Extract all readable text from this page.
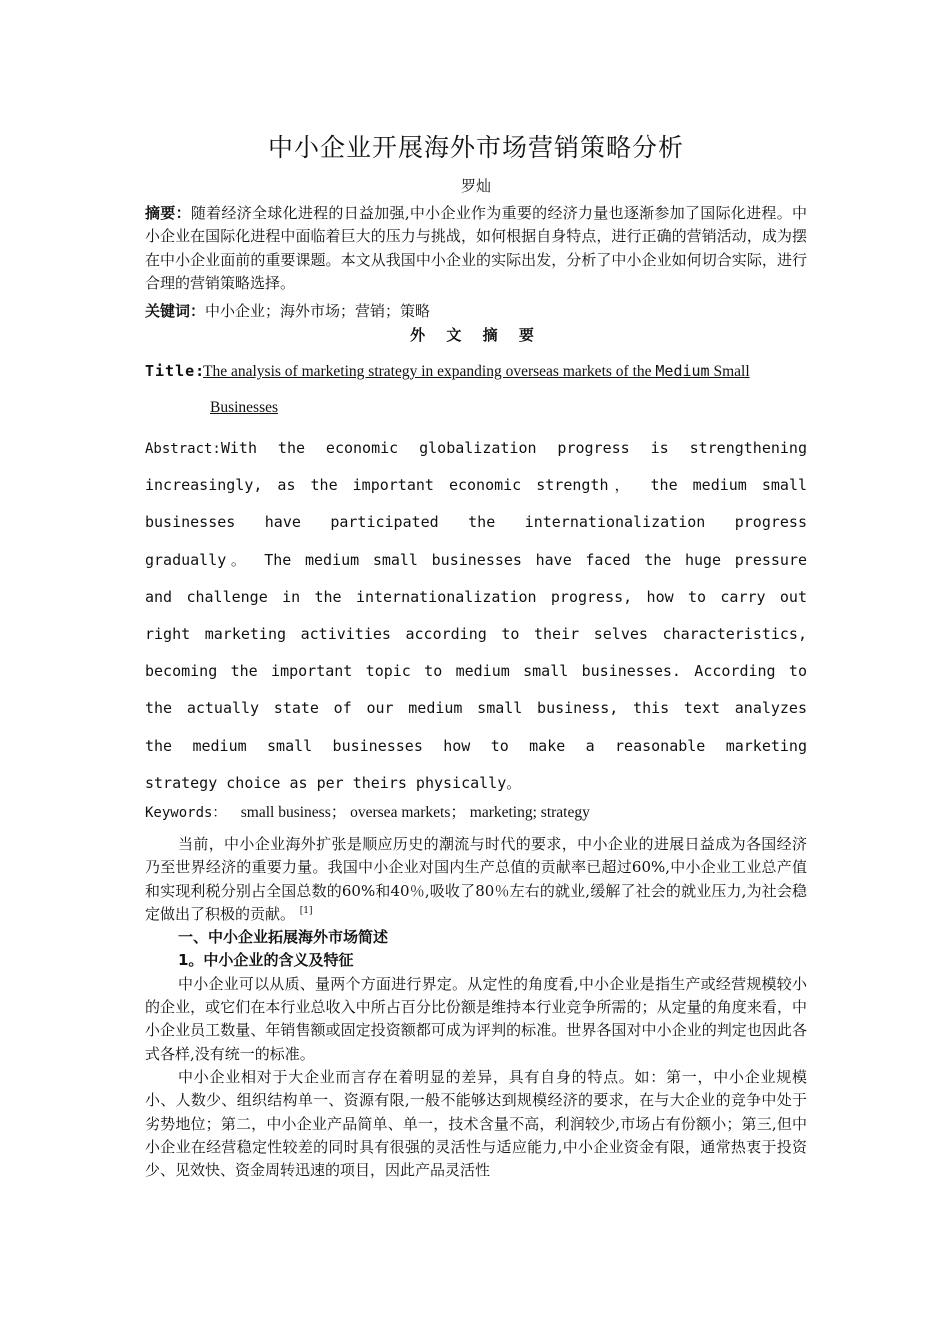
中小企业开展海外市场营销策略分析
罗灿
摘要：随着经济全球化进程的日益加强,中小企业作为重要的经济力量也逐渐参加了国际化进程。中小企业在国际化进程中面临着巨大的压力与挑战，如何根据自身特点，进行正确的营销活动，成为摆在中小企业面前的重要课题。本文从我国中小企业的实际出发，分析了中小企业如何切合实际，进行合理的营销策略选择。
关键词：中小企业；海外市场；营销；策略
外 文 摘 要
Title:
The analysis of marketing strategy in expanding overseas markets of the Medium Small
Businesses
Abstract:With the economic globalization progress is strengthening
increasingly, as the important economic strength， the medium small
businesses have participated the internationalization progress
gradually。 The medium small businesses have faced the huge pressure
and challenge in the internationalization progress, how to carry out
right marketing activities according to their selves characteristics,
becoming the important topic to medium small businesses. According to
the actually state of our medium small business, this text analyzes
the medium small businesses how to make a reasonable marketing
strategy choice as per theirs physically。
Keywords： small business； oversea markets； marketing; strategy

当前，中小企业海外扩张是顺应历史的潮流与时代的要求，中小企业的进展日益成为各国经济乃至世界经济的重要力量。我国中小企业对国内生产总值的贡献率已超过60%,中小企业工业总产值和实现利税分别占全国总数的60%和40％,吸收了80％左右的就业,缓解了社会的就业压力,为社会稳定做出了积极的贡献。 [1]

一、中小企业拓展海外市场简述
1。中小企业的含义及特征

中小企业可以从质、量两个方面进行界定。从定性的角度看,中小企业是指生产或经营规模较小的企业，或它们在本行业总收入中所占百分比份额是维持本行业竞争所需的；从定量的角度来看，中小企业员工数量、年销售额或固定投资额都可成为评判的标准。世界各国对中小企业的判定也因此各式各样,没有统一的标准。

中小企业相对于大企业而言存在着明显的差异，具有自身的特点。如：第一，中小企业规模小、人数少、组织结构单一、资源有限,一般不能够达到规模经济的要求，在与大企业的竞争中处于劣势地位；第二，中小企业产品简单、单一，技术含量不高，利润较少,市场占有份额小；第三,但中小企业在经营稳定性较差的同时具有很强的灵活性与适应能力,中小企业资金有限，通常热衷于投资少、见效快、资金周转迅速的项目，因此产品灵活性
